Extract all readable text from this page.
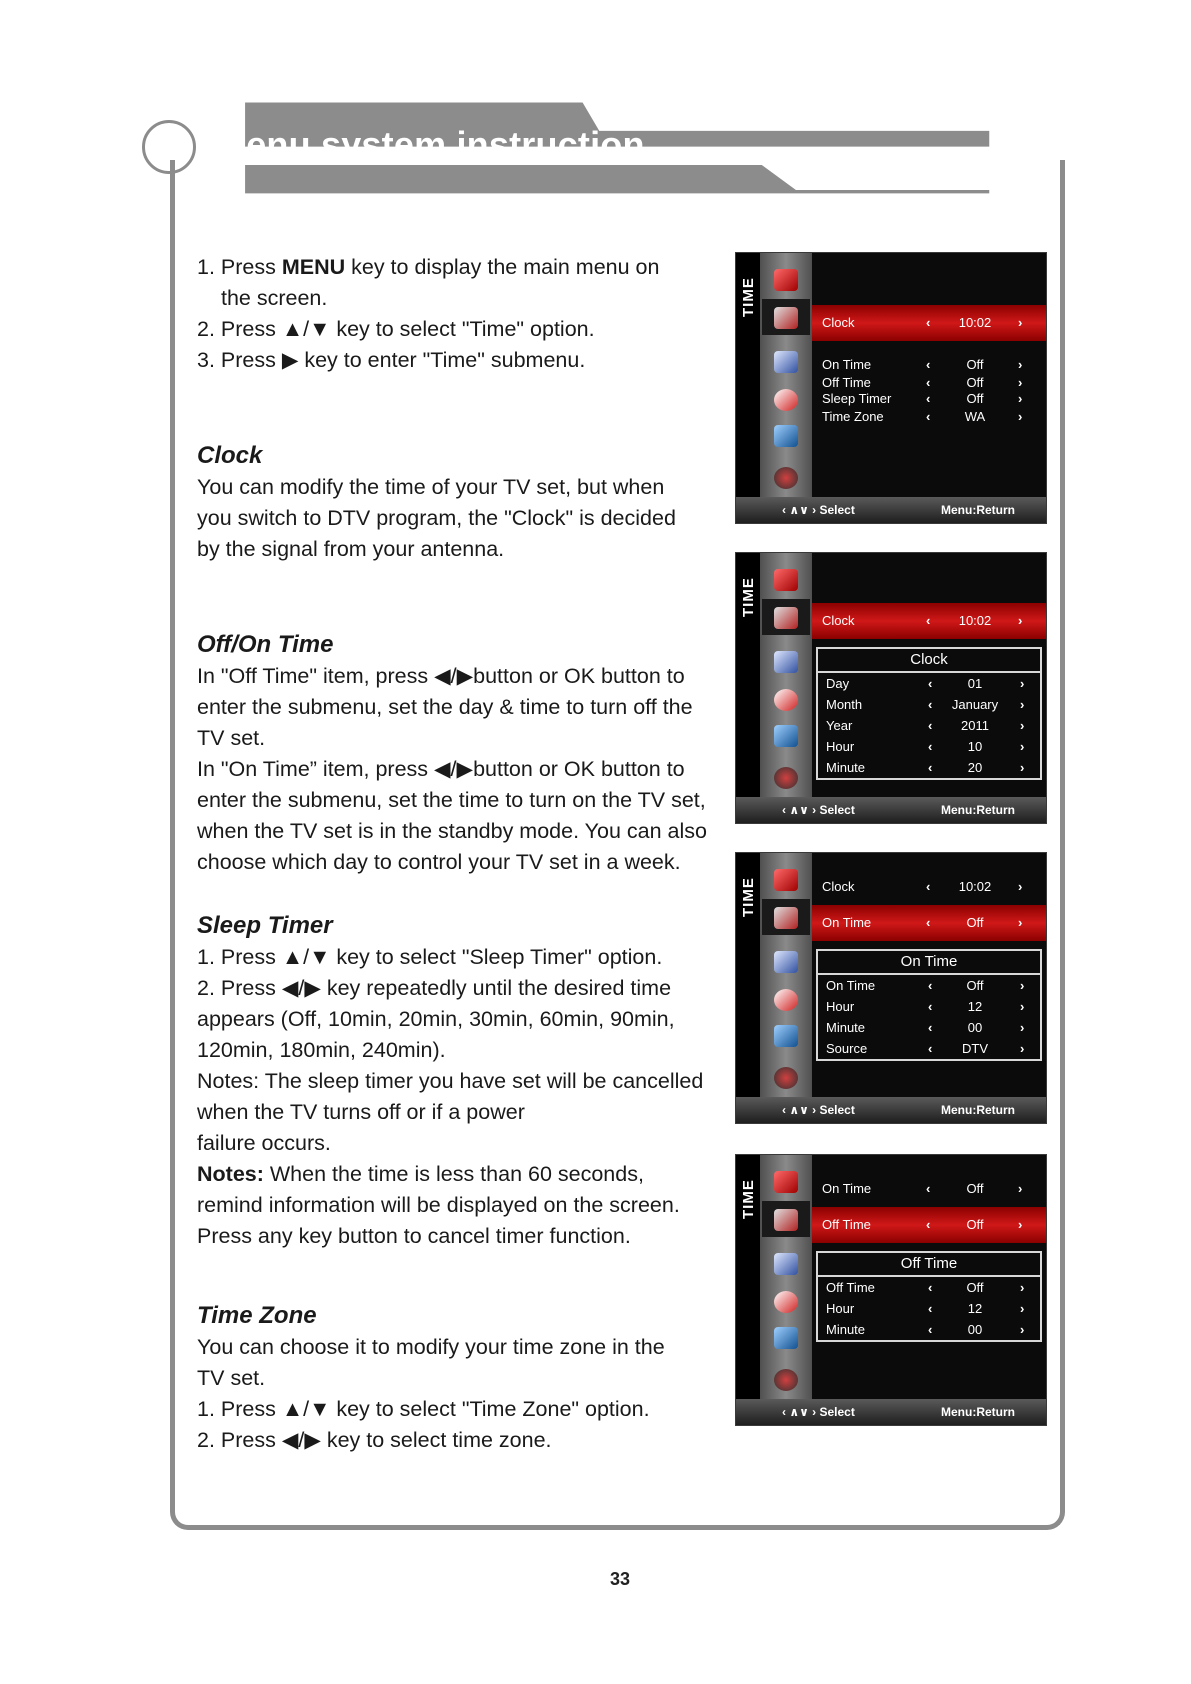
Menu system instruction
Time

1. Press MENU key to display the main menu on

the screen.

2. Press ▲/▼ key to select "Time" option.

3. Press ▶ key to enter "Time" submenu.

Clock

You can modify the time of your TV set, but when

you switch to DTV program, the "Clock" is decided

by the signal from your antenna.

Off/On Time

In "Off Time" item, press ◀/▶button or OK button to

enter the submenu, set the day & time to turn off the

TV set.

In "On Time” item, press ◀/▶button or OK button to

enter the submenu, set the time to turn on the TV set,

when the TV set is in the standby mode. You can also

choose which day to control your TV set in a week.

Sleep Timer

1. Press ▲/▼ key to select "Sleep Timer" option.

2. Press ◀/▶ key repeatedly until the desired time

appears (Off, 10min, 20min, 30min, 60min, 90min,

120min, 180min, 240min).

Notes: The sleep timer you have set will be cancelled

when the TV turns off or if a power

failure occurs.

Notes: When the time is less than 60 seconds,

remind information will be displayed on the screen.

Press any key button to cancel timer function.

Time Zone

You can choose it to modify your time zone in the

TV set.

1. Press ▲/▼ key to select "Time Zone" option.

2. Press ◀/▶ key to select time zone.

TIME
Clock	‹	10:02	›
On Time	‹	Off	›
Off Time	‹	Off	›
Sleep Timer	‹	Off	›
Time Zone	‹	WA	›
‹ ∧∨ › Select	Menu:Return
TIME
Clock	‹	10:02	›
Clock
Day	‹	01	›
Month	‹	January	›
Year	‹	2011	›
Hour	‹	10	›
Minute	‹	20	›
‹ ∧∨ › Select	Menu:Return
TIME	Clock	‹	10:02	›
On Time	‹	Off	›
On Time
On Time	‹	Off	›
Hour	‹	12	›
Minute	‹	00	›
Source	‹	DTV	›
‹ ∧∨ › Select	Menu:Return
TIME	On Time	‹	Off	›
Off Time	‹	Off	›
Off Time
Off Time	‹	Off	›
Hour	‹	12	›
Minute	‹	00	›
‹ ∧∨ › Select	Menu:Return
33
